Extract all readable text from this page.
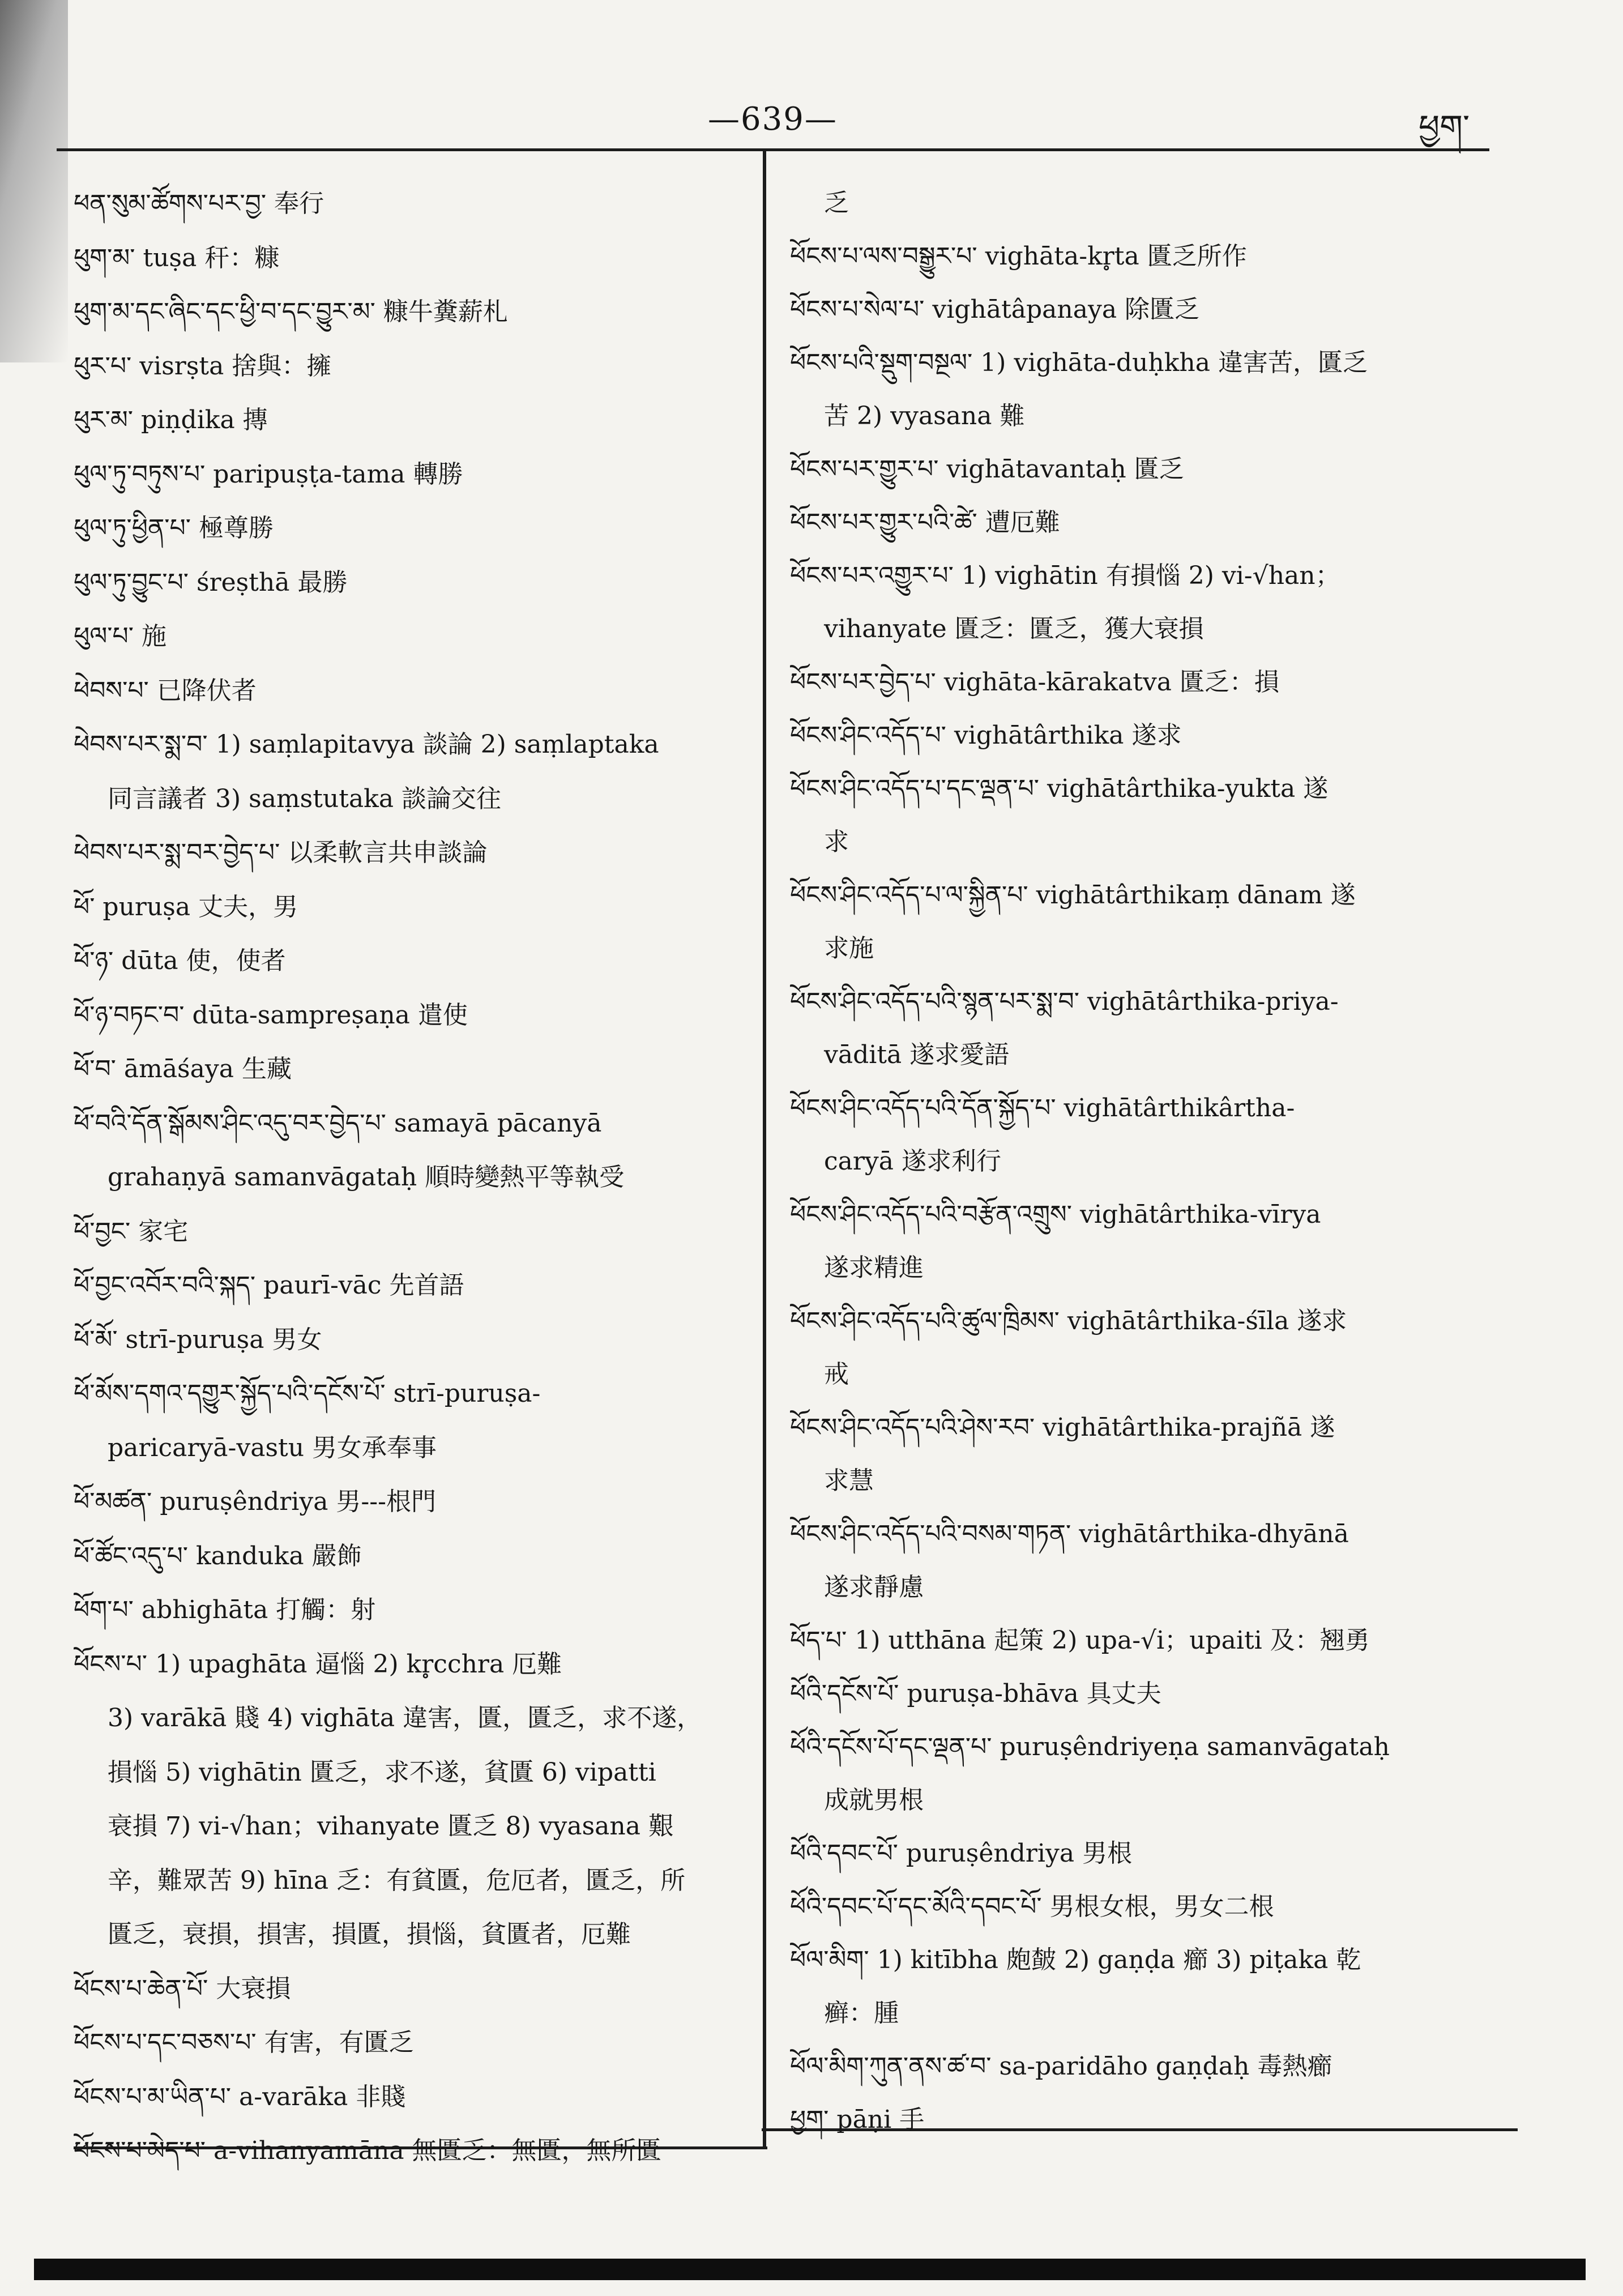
—639—	ཕྱག་
ཕན་སུམ་ཚོགས་པར་བྱ་ 奉行
ཕུག་མ་ tuṣa 秆：糠
ཕུག་མ་དང་ཞིང་དང་ཕྱི་བ་དང་བྱུར་མ་ 糠牛糞薪札
ཕུར་པ་ visrṣta 捨與：擁
ཕུར་མ་ piṇḍika 摶
ཕུལ་ཏུ་བཏུས་པ་ paripuṣṭa-tama 轉勝
ཕུལ་ཏུ་ཕྱིན་པ་ 極尊勝
ཕུལ་ཏུ་བྱུང་པ་ śreṣthā 最勝
ཕུལ་པ་ 施
ཕེབས་པ་ 已降伏者
ཕེབས་པར་སྨ་བ་ 1) saṃlapitavya 談論 2) saṃlaptaka
同言議者 3) saṃstutaka 談論交往
ཕེབས་པར་སྨ་བར་བྱེད་པ་ 以柔軟言共申談論
ཕོ་ puruṣa 丈夫，男
ཕོ་ཉ་ dūta 使，使者
ཕོ་ཉ་བཏང་བ་ dūta-sampreṣaṇa 遣使
ཕོ་བ་ āmāśaya 生藏
ཕོ་བའི་དོན་སྒོམས་ཤིང་འདུ་བར་བྱེད་པ་ samayā pācanyā
grahaṇyā samanvāgataḥ 順時變熱平等執受
ཕོ་བྱང་ 家宅
ཕོ་བྱང་འབོར་བའི་སྐད་ paurī-vāc 先首語
ཕོ་མོ་ strī-puruṣa 男女
ཕོ་མོས་དགའ་དགྱུར་སྐྱོད་པའི་དངོས་པོ་ strī-puruṣa-
paricaryā-vastu 男女承奉事
ཕོ་མཚན་ puruṣêndriya 男---根門
ཕོ་ཚོང་འདུ་པ་ kanduka 嚴飾
ཕོག་པ་ abhighāta 打觸：射
ཕོངས་པ་ 1) upaghāta 逼惱 2) kr̥cchra 厄難
3) varākā 賤 4) vighāta 違害，匱，匱乏，求不遂，
損惱 5) vighātin 匱乏，求不遂，貧匱 6) vipatti
衰損 7) vi-√han；vihanyate 匱乏 8) vyasana 艱
辛，難眾苦 9) hīna 乏：有貧匱，危厄者，匱乏，所
匱乏，衰損，損害，損匱，損惱，貧匱者，厄難
ཕོངས་པ་ཆེན་པོ་ 大衰損
ཕོངས་པ་དང་བཅས་པ་ 有害，有匱乏
ཕོངས་པ་མ་ཡིན་པ་ a-varāka 非賤
ཕོངས་པ་མེད་པ་ a-vihanyamāna 無匱乏：無匱，無所匱
乏
ཕོངས་པ་ལས་བསྒྱུར་པ་ vighāta-kr̥ta 匱乏所作
ཕོངས་པ་སེལ་པ་ vighātâpanaya 除匱乏
ཕོངས་པའི་སྡུག་བསྔལ་ 1) vighāta-duḥkha 違害苦，匱乏
苦 2) vyasana 難
ཕོངས་པར་གྱུར་པ་ vighātavantaḥ 匱乏
ཕོངས་པར་གྱུར་པའི་ཚེ་ 遭厄難
ཕོངས་པར་འགྱུར་པ་ 1) vighātin 有損惱 2) vi-√han；
vihanyate 匱乏：匱乏，獲大衰損
ཕོངས་པར་བྱེད་པ་ vighāta-kārakatva 匱乏：損
ཕོངས་ཤིང་འདོད་པ་ vighātârthika 遂求
ཕོངས་ཤིང་འདོད་པ་དང་ལྡན་པ་ vighātârthika-yukta 遂
求
ཕོངས་ཤིང་འདོད་པ་ལ་སྐྱིན་པ་ vighātârthikaṃ dānam 遂
求施
ཕོངས་ཤིང་འདོད་པའི་སྙན་པར་སྨ་བ་ vighātârthika-priya-
vāditā 遂求愛語
ཕོངས་ཤིང་འདོད་པའི་དོན་སྐྱོད་པ་ vighātârthikârtha-
caryā 遂求利行
ཕོངས་ཤིང་འདོད་པའི་བརྩོན་འགྲུས་ vighātârthika-vīrya
遂求精進
ཕོངས་ཤིང་འདོད་པའི་ཚུལ་ཁྲིམས་ vighātârthika-śīla 遂求
戒
ཕོངས་ཤིང་འདོད་པའི་ཤེས་རབ་ vighātârthika-prajñā 遂
求慧
ཕོངས་ཤིང་འདོད་པའི་བསམ་གཏན་ vighātârthika-dhyānā
遂求靜慮
ཕོད་པ་ 1) utthāna 起策 2) upa-√i；upaiti 及：翘勇
ཕོའི་དངོས་པོ་ puruṣa-bhāva 具丈夫
ཕོའི་དངོས་པོ་དང་ལྡན་པ་ puruṣêndriyeṇa samanvāgataḥ
成就男根
ཕོའི་དབང་པོ་ puruṣêndriya 男根
ཕོའི་དབང་པོ་དང་མོའི་དབང་པོ་ 男根女根，男女二根
ཕོལ་མིག་ 1) kitībha 皰皶 2) gaṇḍa 癤 3) piṭaka 乾
癣：腫
ཕོལ་མིག་ཀུན་ནས་ཚ་བ་ sa-paridāho gaṇḍaḥ 毒熱癤
ཕྱག་ pāṇi 手
